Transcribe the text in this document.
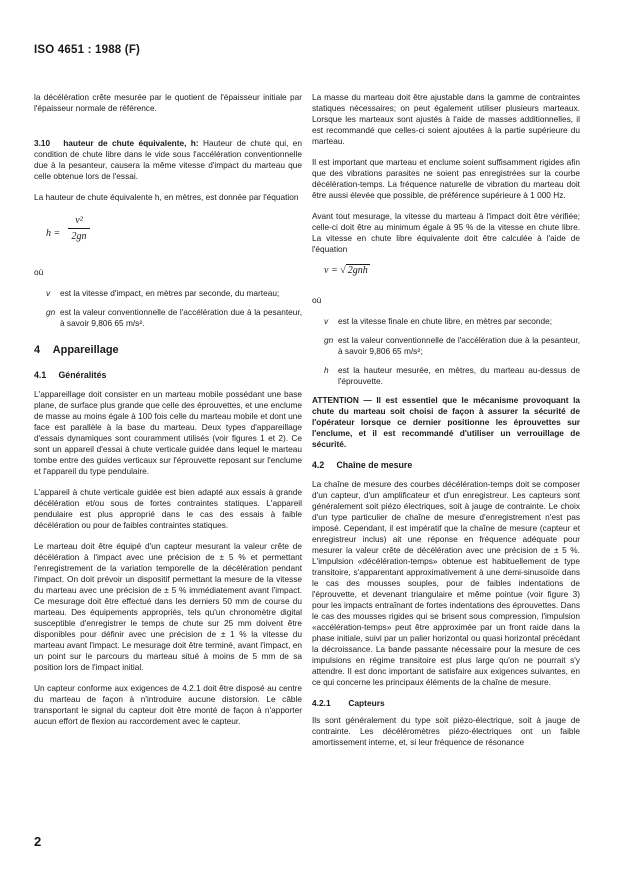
ISO 4651 : 1988 (F)

la décélération crête mesurée par le quotient de l'épaisseur initiale par l'épaisseur normale de référence.

3.10 hauteur de chute équivalente, h: Hauteur de chute qui, en condition de chute libre dans le vide sous l'accélération conventionnelle due à la pesanteur, causera la même vitesse d'impact du marteau que celle obtenue lors de l'essai.

La hauteur de chute équivalente h, en mètres, est donnée par l'équation

$h = \frac{\text{v²}}{2gn}$

où

v	est la vitesse d'impact, en mètres par seconde, du marteau;
gn est la valeur conventionnelle de l'accélération due à la pesanteur, à savoir 9,806 65 m/s².
4 Appareillage
4.1 Généralités

L'appareillage doit consister en un marteau mobile possédant une base plane, de surface plus grande que celle des éprouvettes, et une enclume de masse au moins égale à 100 fois celle du marteau mobile et dont une face est parallèle à la base du marteau. Deux types d'appareillage d'essais dynamiques sont couramment utilisés (voir figures 1 et 2). Ce sont un appareil d'essai à chute verticale guidée dans lequel le marteau tombe entre des guides verticaux sur l'éprouvette reposant sur l'enclume et l'appareil du type pendulaire.

L'appareil à chute verticale guidée est bien adapté aux essais à grande décélération et/ou sous de fortes contraintes statiques. L'appareil pendulaire est plus approprié dans le cas des essais à faible décélération ou pour de faibles contraintes statiques.

Le marteau doit être équipé d'un capteur mesurant la valeur crête de décélération à l'impact avec une précision de ± 5 % et permettant l'enregistrement de la variation temporelle de la décélération pendant l'impact. On doit prévoir un dispositif permettant la mesure de la vitesse du marteau avec une précision de ± 5 % immédiatement avant l'impact. Ce mesurage doit être effectué dans les derniers 50 mm de course du marteau. Des équipements appropriés, tels qu'un chronomètre digital susceptible d'enregistrer le temps de chute sur 25 mm doivent être disponibles pour définir avec une précision de ± 1 % la vitesse du marteau avant l'impact. Le mesurage doit être terminé, avant l'impact, en un point sur le parcours du marteau situé à moins de 5 mm de sa position lors de l'impact initial.

Un capteur conforme aux exigences de 4.2.1 doit être disposé au centre du marteau de façon à n'introduire aucune distorsion. Le câble transportant le signal du capteur doit être monté de façon à n'apporter aucun effort de flexion au raccordement avec le capteur.

La masse du marteau doit être ajustable dans la gamme de contraintes statiques nécessaires; on peut également utiliser plusieurs marteaux. Lorsque les marteaux sont ajustés à l'aide de masses additionnelles, il est recommandé que celles-ci soient ajoutées à la partie supérieure du marteau.

Il est important que marteau et enclume soient suffisamment rigides afin que des vibrations parasites ne soient pas enregistrées sur la courbe décélération-temps. La fréquence naturelle de vibration du marteau doit être aussi élevée que possible, de préférence supérieure à 1 000 Hz.

Avant tout mesurage, la vitesse du marteau à l'impact doit être vérifiée; celle-ci doit être au minimum égale à 95 % de la vitesse en chute libre. La vitesse en chute libre équivalente doit être calculée à l'aide de l'équation

v = √ 2gnh

où

v	est la vitesse finale en chute libre, en mètres par seconde;
gn est la valeur conventionnelle de l'accélération due à la pesanteur, à savoir 9,806 65 m/s²;
h	est la hauteur mesurée, en mètres, du marteau au-dessus de l'éprouvette.

ATTENTION — Il est essentiel que le mécanisme provoquant la chute du marteau soit choisi de façon à assurer la sécurité de l'opérateur lorsque ce dernier positionne les éprouvettes sur l'enclume, et il est recommandé d'utiliser un verrouillage de sécurité.

4.2 Chaîne de mesure

La chaîne de mesure des courbes décélération-temps doit se composer d'un capteur, d'un amplificateur et d'un enregistreur. Les capteurs sont généralement soit piézo électriques, soit à jauge de contrainte. Le choix d'un type particulier de chaîne de mesure d'enregistrement n'est pas imposé. Cependant, il est impératif que la chaîne de mesure (capteur et enregistreur inclus) ait une réponse en fréquence adéquate pour mesurer la valeur crête de décélération avec une précision de ± 5 %. L'impulsion «décélération-temps» obtenue est habituellement de type transitoire, s'apparentant approximativement à une demi-sinusoïde dans le cas des mousses souples, pour de faibles indentations de l'éprouvette, et devenant triangulaire et même pointue (voir figure 3) pour les impacts entraînant de fortes indentations des éprouvettes. Dans le cas des mousses rigides qui se brisent sous compression, l'impulsion «accélération-temps» peut être approximée par un front raide dans la phase initiale, suivi par un palier horizontal ou quasi horizontal précédant la décroissance. La bande passante nécessaire pour la mesure de ces impulsions en régime transitoire est plus large qu'on ne pourrait s'y attendre. Il est donc important de satisfaire aux exigences suivantes, en ce qui concerne les principaux éléments de la chaîne de mesure.

4.2.1 Capteurs

Ils sont généralement du type soit piézo-électrique, soit à jauge de contrainte. Les décéléromètres piézo-électriques ont un faible amortissement interne, et, si leur fréquence de résonance

2
